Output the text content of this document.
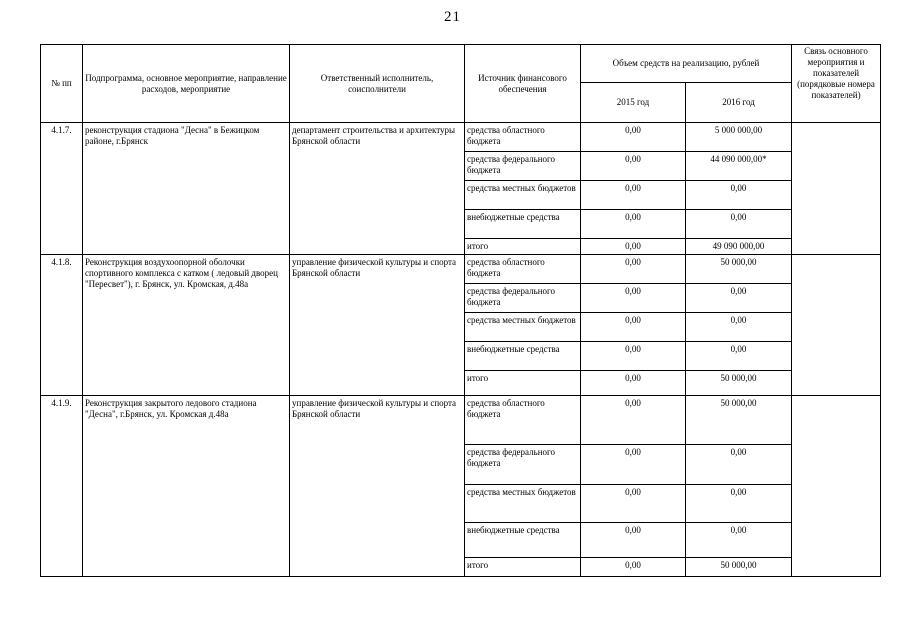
21
№ пп	Подпрограмма, основное мероприятие, направление расходов, мероприятие	Ответственный исполнитель, соисполнители	Источник финансового обеспечения	Объем средств на реализацию, рублей		Связь основного мероприятия и показателей (порядковые номера показателей)
				2015 год	2016 год	
4.1.7.	реконструкция стадиона "Десна" в Бежицком районе, г.Брянск	департамент строительства и архитектуры Брянской области	средства областного бюджета	0,00	5 000 000,00	
			средства федерального бюджета	0,00	44 090 000,00*	
			средства местных бюджетов	0,00	0,00	
			внебюджетные средства	0,00	0,00	
			итого	0,00	49 090 000,00	
4.1.8.	Реконструкция воздухоопорной оболочки спортивного комплекса с катком ( ледовый дворец "Пересвет"), г. Брянск, ул. Кромская, д.48а	управление физической культуры и спорта Брянской области	средства областного бюджета	0,00	50 000,00	
			средства федерального бюджета	0,00	0,00	
			средства местных бюджетов	0,00	0,00	
			внебюджетные средства	0,00	0,00	
			итого	0,00	50 000,00	
4.1.9.	Реконструкция закрытого ледового стадиона "Десна", г.Брянск, ул. Кромская д.48а	управление физической культуры и спорта Брянской области	средства областного бюджета	0,00	50 000,00	
			средства федерального бюджета	0,00	0,00	
			средства местных бюджетов	0,00	0,00	
			внебюджетные средства	0,00	0,00	
			итого	0,00	50 000,00	
